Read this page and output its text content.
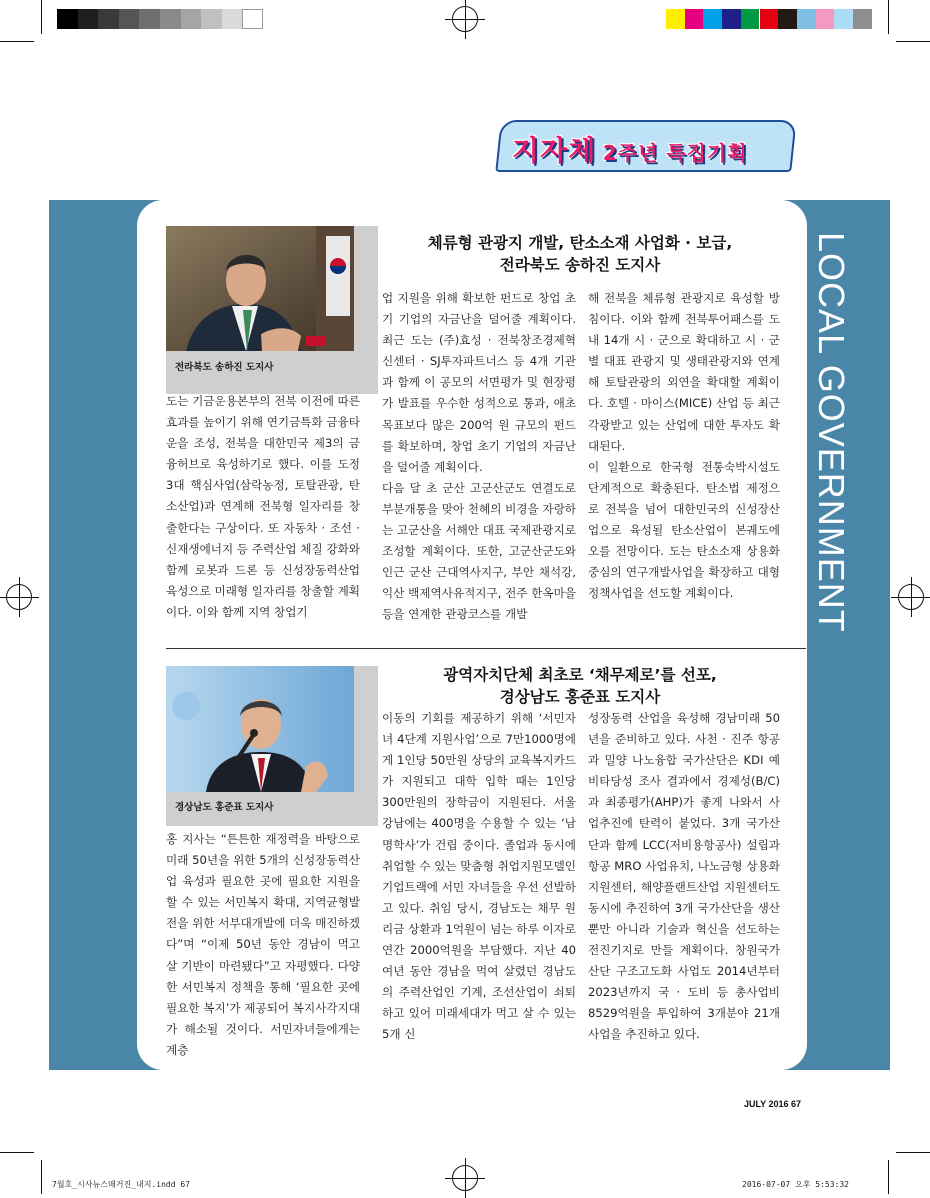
지자체 2주년 특집기획
LOCAL GOVERNMENT
전라북도 송하진 도지사
체류형 관광지 개발, 탄소소재 사업화 · 보급,
전라북도 송하진 도지사

도는 기금운용본부의 전북 이전에 따른 효과를 높이기 위해 연기금특화 금융타운을 조성, 전북을 대한민국 제3의 금융허브로 육성하기로 했다. 이를 도정 3대 핵심사업(삼락농정, 토탈관광, 탄소산업)과 연계해 전북형 일자리를 창출한다는 구상이다. 또 자동차 · 조선 · 신재생에너지 등 주력산업 체질 강화와 함께 로봇과 드론 등 신성장동력산업 육성으로 미래형 일자리를 창출할 계획이다. 이와 함께 지역 창업기

업 지원을 위해 확보한 펀드로 창업 초기 기업의 자금난을 덜어줄 계획이다. 최근 도는 (주)효성 · 전북창조경제혁신센터 · SJ투자파트너스 등 4개 기관과 함께 이 공모의 서면평가 및 현장평가 발표를 우수한 성적으로 통과, 애초 목표보다 많은 200억 원 규모의 펀드를 확보하며, 창업 초기 기업의 자금난을 덜어줄 계획이다.

다음 달 초 군산 고군산군도 연결도로 부분개통을 맞아 천혜의 비경을 자랑하는 고군산을 서해안 대표 국제관광지로 조성할 계획이다. 또한, 고군산군도와 인근 군산 근대역사지구, 부안 채석강, 익산 백제역사유적지구, 전주 한옥마을 등을 연계한 관광코스를 개발

해 전북을 체류형 관광지로 육성할 방침이다. 이와 함께 전북투어패스를 도내 14개 시 · 군으로 확대하고 시 · 군별 대표 관광지 및 생태관광지와 연계해 토탈관광의 외연을 확대할 계획이다. 호텔 · 마이스(MICE) 산업 등 최근 각광받고 있는 산업에 대한 투자도 확대된다.

이 일환으로 한국형 전통숙박시설도 단계적으로 확충된다. 탄소법 제정으로 전북을 넘어 대한민국의 신성장산업으로 육성될 탄소산업이 본궤도에 오를 전망이다. 도는 탄소소재 상용화 중심의 연구개발사업을 확장하고 대형 정책사업을 선도할 계획이다.

경상남도 홍준표 도지사
광역자치단체 최초로 ‘채무제로’를 선포,
경상남도 홍준표 도지사

홍 지사는 “튼튼한 재정력을 바탕으로 미래 50년을 위한 5개의 신성장동력산업 육성과 필요한 곳에 필요한 지원을 할 수 있는 서민복지 확대, 지역균형발전을 위한 서부대개발에 더욱 매진하겠다”며 “이제 50년 동안 경남이 먹고 살 기반이 마련됐다”고 자평했다. 다양한 서민복지 정책을 통해 ‘필요한 곳에 필요한 복지’가 제공되어 복지사각지대가 해소될 것이다. 서민자녀들에게는 계층

이동의 기회를 제공하기 위해 ‘서민자녀 4단계 지원사업’으로 7만1000명에게 1인당 50만원 상당의 교육복지카드가 지원되고 대학 입학 때는 1인당 300만원의 장학금이 지원된다. 서울 강남에는 400명을 수용할 수 있는 ‘남명학사’가 건립 중이다. 졸업과 동시에 취업할 수 있는 맞춤형 취업지원모델인 기업트랙에 서민 자녀들을 우선 선발하고 있다. 취임 당시, 경남도는 채무 원리금 상환과 1억원이 넘는 하루 이자로 연간 2000억원을 부담했다. 지난 40여년 동안 경남을 먹여 살렸던 경남도의 주력산업인 기계, 조선산업이 쇠퇴하고 있어 미래세대가 먹고 살 수 있는 5개 신

성장동력 산업을 육성해 경남미래 50년을 준비하고 있다. 사천 · 진주 항공과 밀양 나노융합 국가산단은 KDI 예비타당성 조사 결과에서 경제성(B/C)과 최종평가(AHP)가 좋게 나와서 사업추진에 탄력이 붙었다. 3개 국가산단과 함께 LCC(저비용항공사) 설립과 항공 MRO 사업유치, 나노금형 상용화지원센터, 해양플랜트산업 지원센터도 동시에 추진하여 3개 국가산단을 생산뿐만 아니라 기술과 혁신을 선도하는 전진기지로 만들 계획이다. 창원국가산단 구조고도화 사업도 2014년부터 2023년까지 국 · 도비 등 총사업비 8529억원을 투입하여 3개분야 21개사업을 추진하고 있다.

JULY 2016 67
7월호_시사뉴스매거진_내지.indd 67	2016-07-07 오후 5:53:32
